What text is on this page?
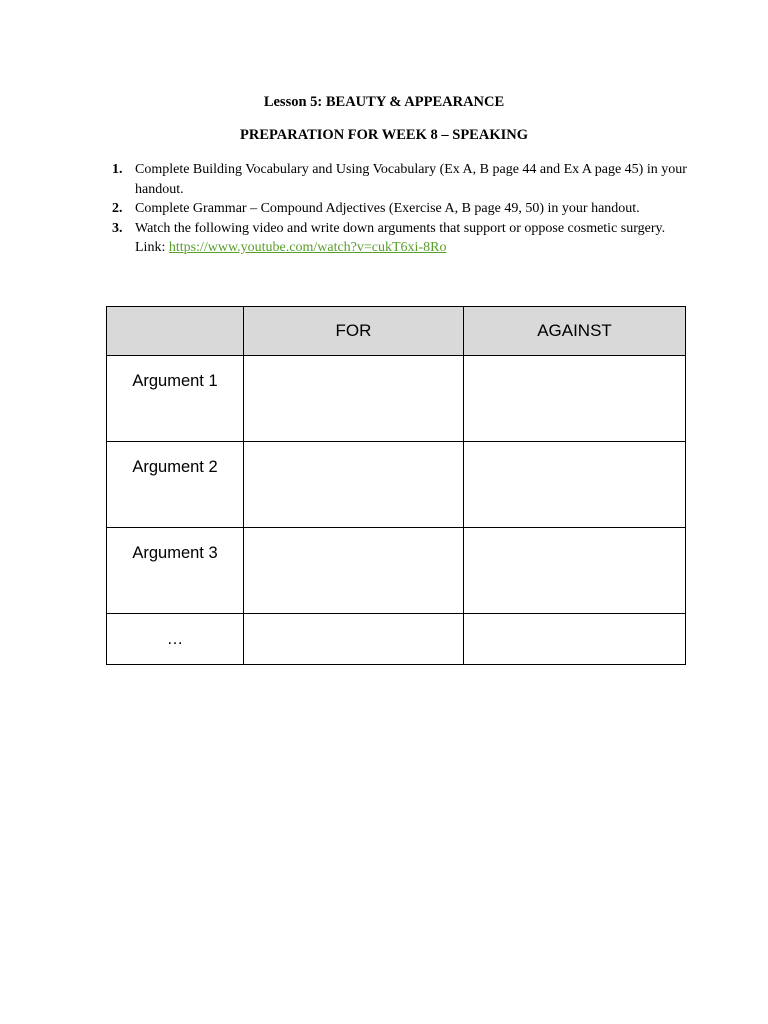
Lesson 5: BEAUTY & APPEARANCE
PREPARATION FOR WEEK 8 – SPEAKING
1. Complete Building Vocabulary and Using Vocabulary (Ex A, B page 44 and Ex A page 45) in your handout.
2. Complete Grammar – Compound Adjectives (Exercise A, B page 49, 50) in your handout.
3. Watch the following video and write down arguments that support or oppose cosmetic surgery.
Link: https://www.youtube.com/watch?v=cukT6xi-8Ro
	FOR	AGAINST
Argument 1		
Argument 2		
Argument 3		
…		
